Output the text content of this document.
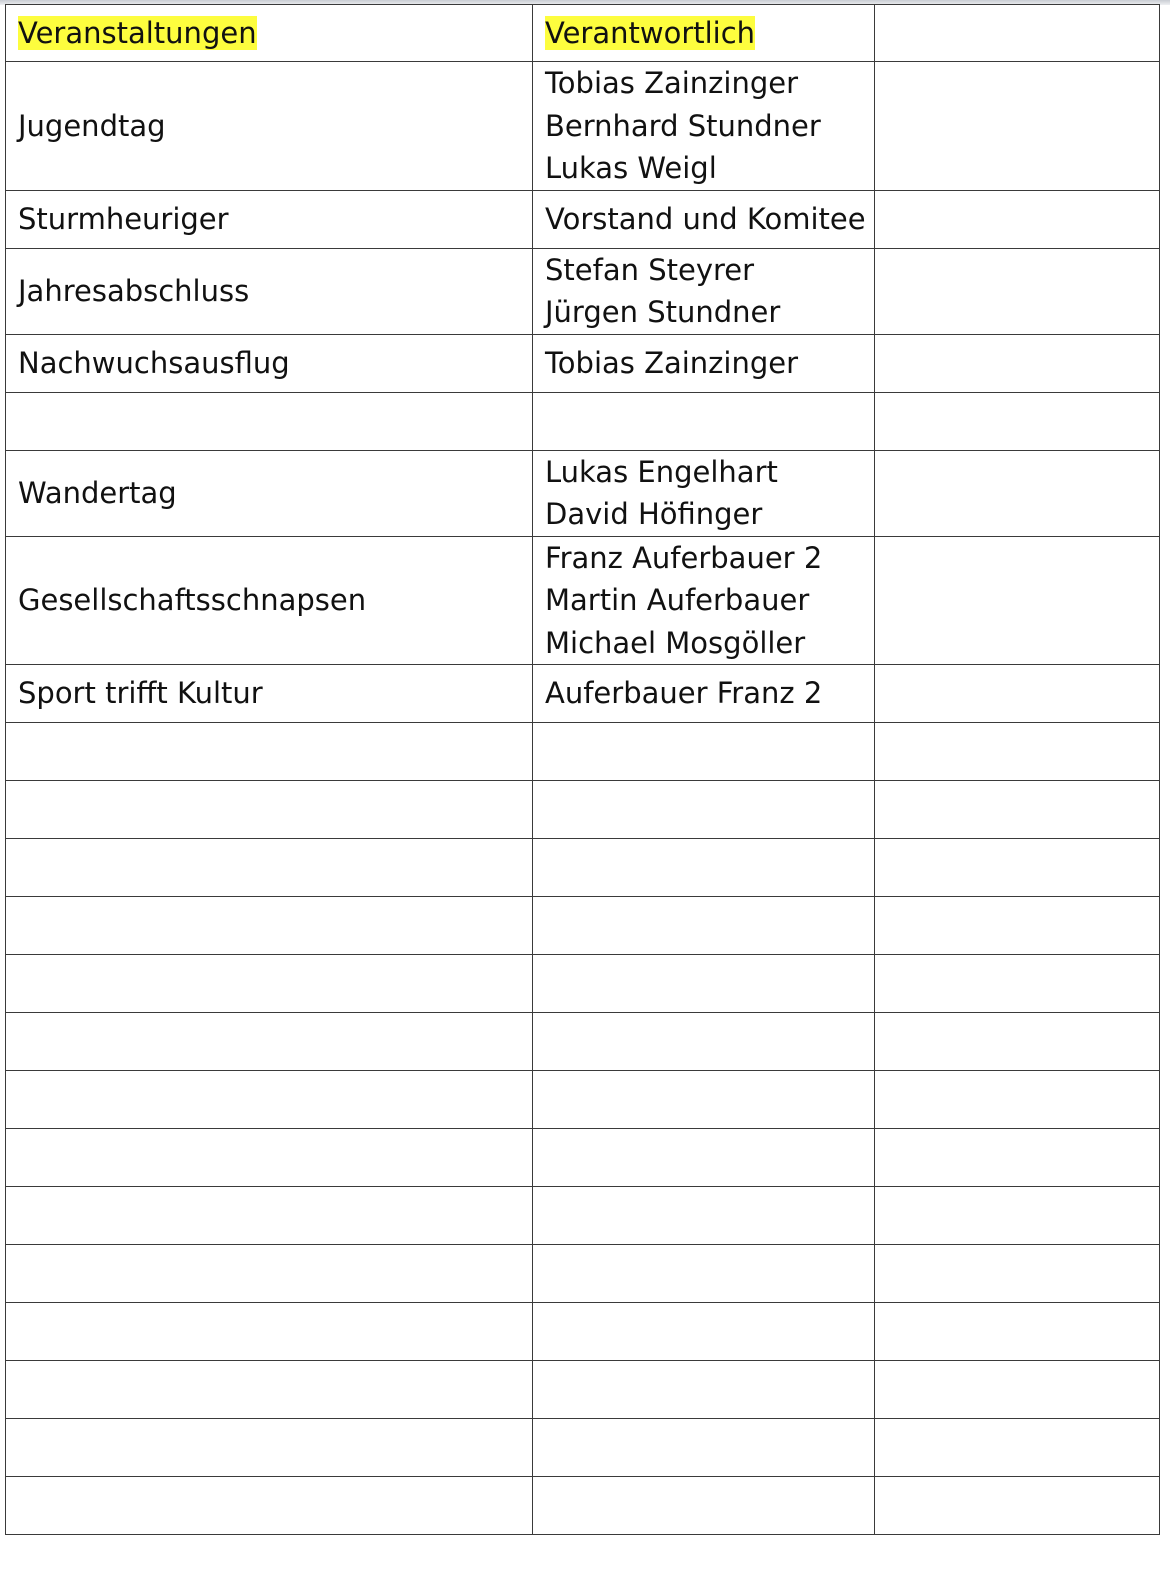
Veranstaltungen	Verantwortlich	
Jugendtag	Tobias Zainzinger
Bernhard Stundner
Lukas Weigl	

Sturmheuriger	Vorstand und Komitee	

Jahresabschluss	Stefan Steyrer
Jürgen Stundner	

Nachwuchsausflug	Tobias Zainzinger	

Wandertag	Lukas Engelhart
David Höfinger	

Gesellschaftsschnapsen	Franz Auferbauer 2
Martin Auferbauer
Michael Mosgöller	

Sport trifft Kultur	Auferbauer Franz 2	
